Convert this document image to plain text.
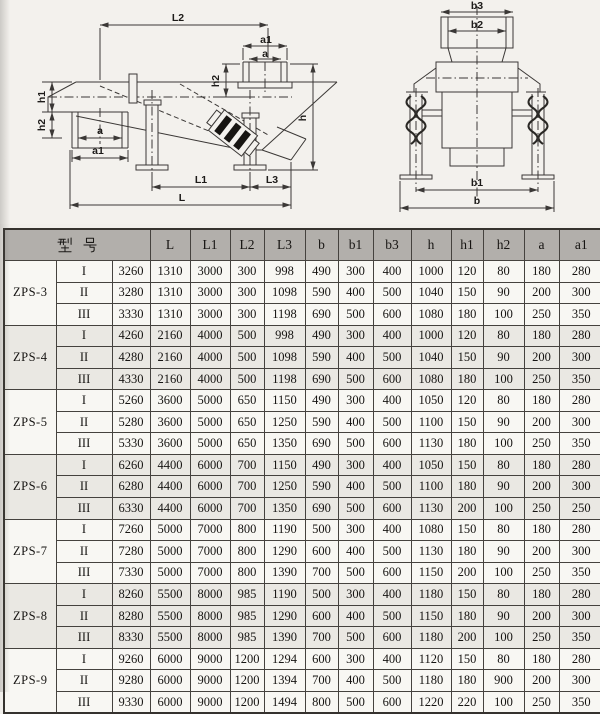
L2
a1
a
h2
h
h1
h2	a
a1
L1	L3
L
b3
b2
b1
b
	L	L1	L2	L3	b	b1	b3	h	h1	h2	a	a1
ZPS-3	I	3260	1310	3000	300	998	490	300	400	1000	120	80	180	280
	II	3280	1310	3000	300	1098	590	400	500	1040	150	90	200	300
	III	3330	1310	3000	300	1198	690	500	600	1080	180	100	250	350
ZPS-4	I	4260	2160	4000	500	998	490	300	400	1000	120	80	180	280
	II	4280	2160	4000	500	1098	590	400	500	1040	150	90	200	300
	III	4330	2160	4000	500	1198	690	500	600	1080	180	100	250	350
ZPS-5	I	5260	3600	5000	650	1150	490	300	400	1050	120	80	180	280
	II	5280	3600	5000	650	1250	590	400	500	1100	150	90	200	300
	III	5330	3600	5000	650	1350	690	500	600	1130	180	100	250	350
ZPS-6	I	6260	4400	6000	700	1150	490	300	400	1050	150	80	180	280
	II	6280	4400	6000	700	1250	590	400	500	1100	180	90	200	300
	III	6330	4400	6000	700	1350	690	500	600	1130	200	100	250	250
ZPS-7	I	7260	5000	7000	800	1190	500	300	400	1080	150	80	180	280
	II	7280	5000	7000	800	1290	600	400	500	1130	180	90	200	300
	III	7330	5000	7000	800	1390	700	500	600	1150	200	100	250	350
ZPS-8	I	8260	5500	8000	985	1190	500	300	400	1180	150	80	180	280
	II	8280	5500	8000	985	1290	600	400	500	1150	180	90	200	300
	III	8330	5500	8000	985	1390	700	500	600	1180	200	100	250	350
ZPS-9	I	9260	6000	9000	1200	1294	600	300	400	1120	150	80	180	280
	II	9280	6000	9000	1200	1394	700	400	500	1180	180	900	200	300
	III	9330	6000	9000	1200	1494	800	500	600	1220	220	100	250	350
